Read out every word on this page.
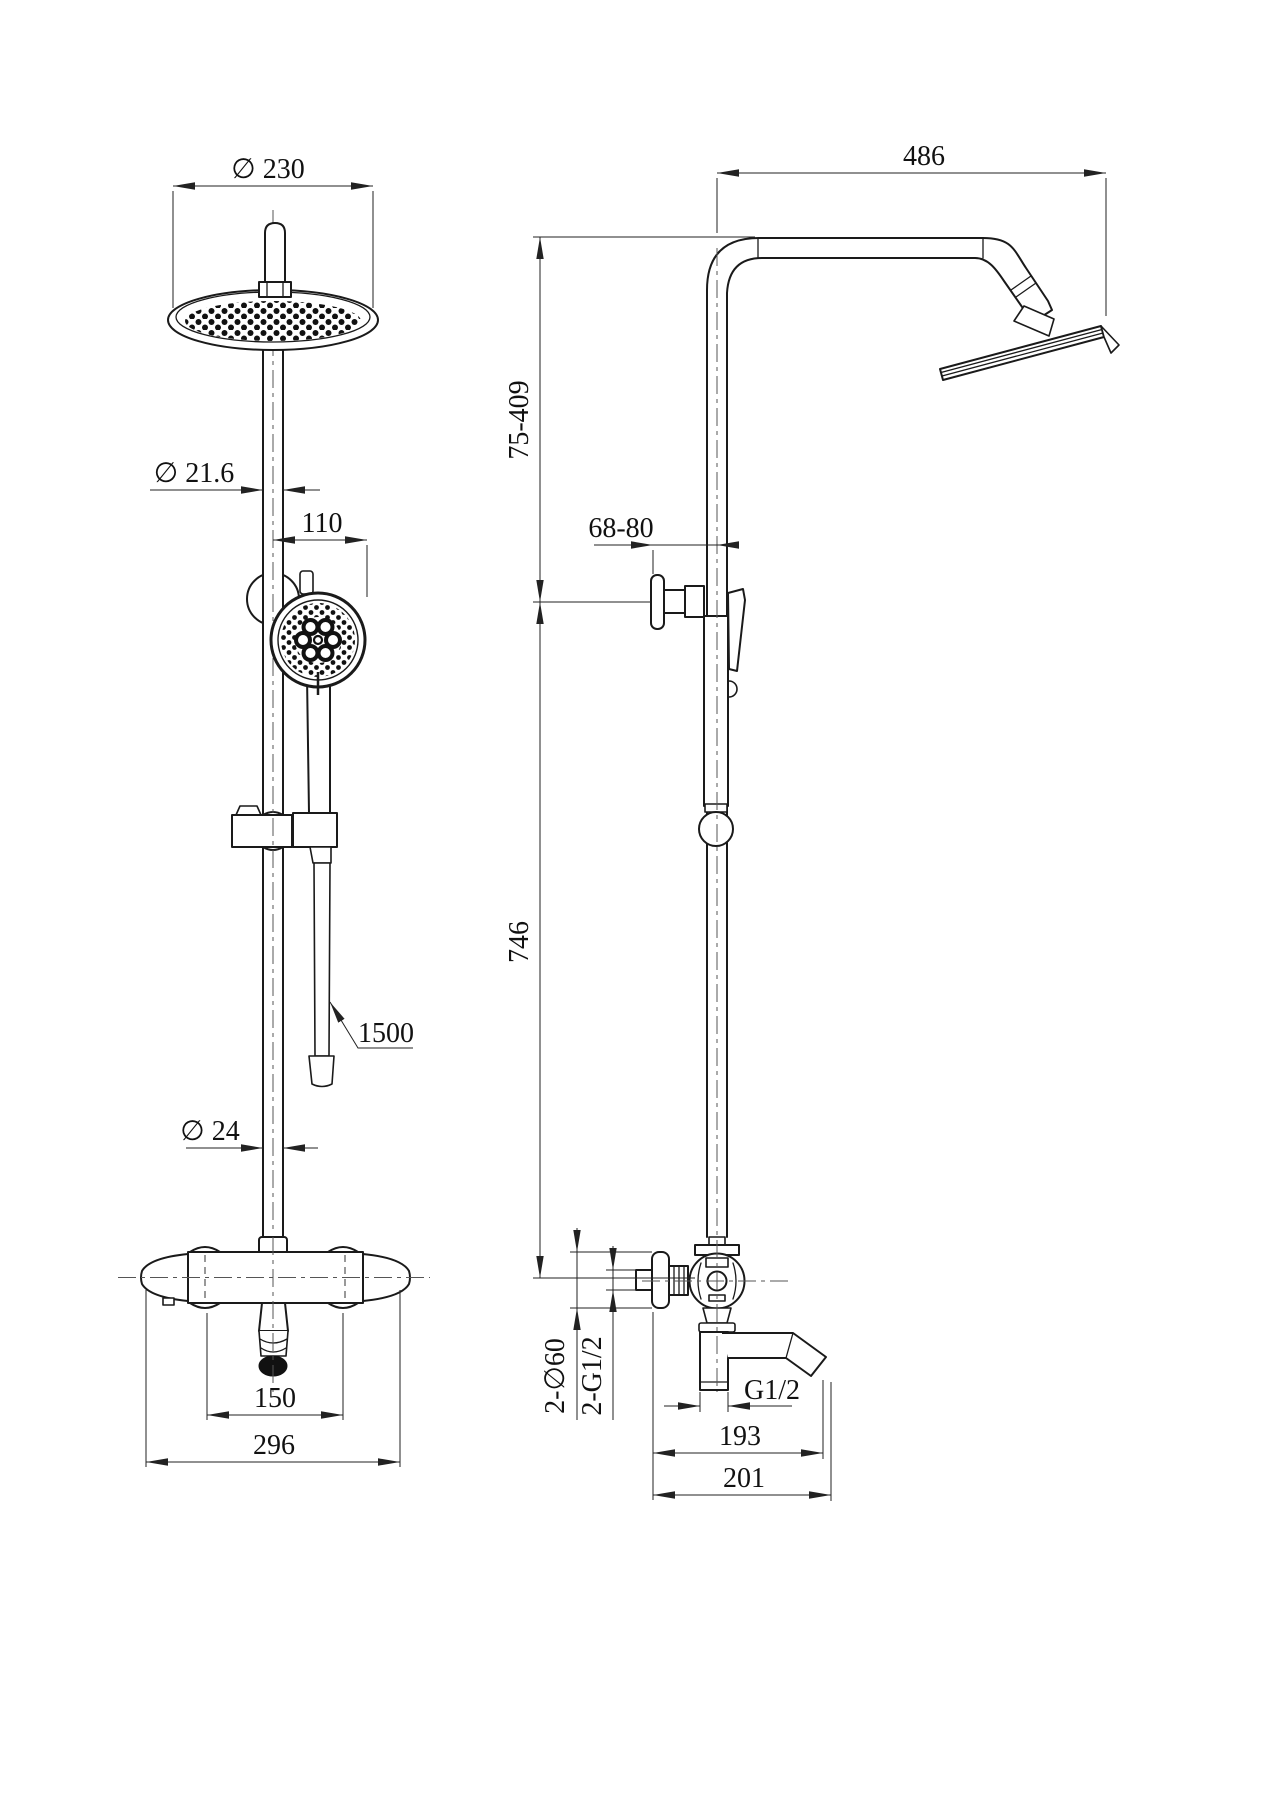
∅ 230
∅ 21.6
110
1500
∅ 24
150
296
486
75-409
68-80
746
2-∅60 2-G1/2	G1/2
193
201
